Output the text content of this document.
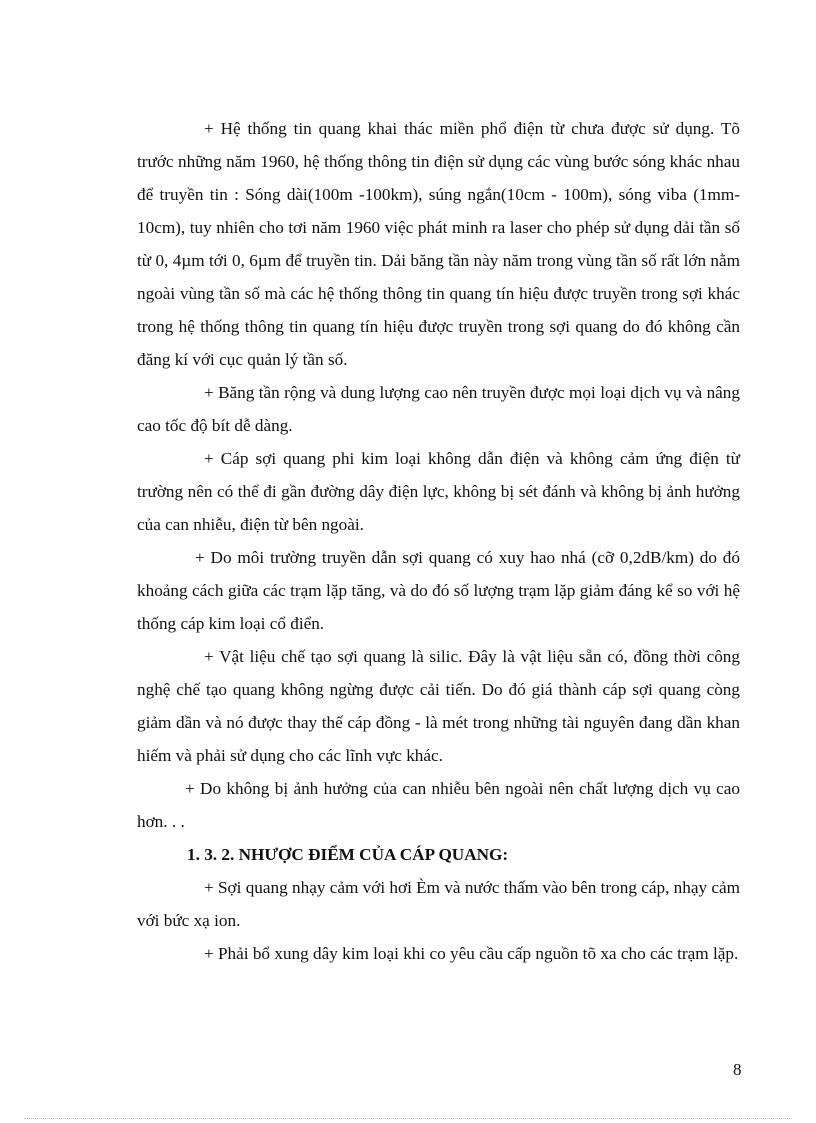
+ Hệ thống tin quang khai thác miền phổ điện từ chưa được sử dụng. Tõ trước những năm 1960, hệ thống thông tin điện sử dụng các vùng bước sóng khác nhau để truyền tin : Sóng dài(100m -100km), súng ngắn(10cm - 100m), sóng viba (1mm-10cm), tuy nhiên cho tơi năm 1960 việc phát minh ra laser cho phép sử dụng dải tần số từ 0, 4µm tới 0, 6µm để truyền tin. Dải băng tần này năm trong vùng tần số rất lớn nằm ngoài vùng tần số mà các hệ thống thông tin quang tín hiệu được truyền trong sợi khác trong hệ thống thông tin quang tín hiệu được truyền trong sợi quang do đó không cần đăng kí với cục quản lý tần số.

+ Băng tần rộng và dung lượng cao nên truyền được mọi loại dịch vụ và nâng cao tốc độ bít dễ dàng.

+ Cáp sợi quang phi kim loại không dẫn điện và không cảm ứng điện từ trường nên có thể đi gần đường dây điện lực, không bị sét đánh và không bị ảnh hưởng của can nhiễu, điện từ bên ngoài.

+ Do môi trường truyền dẫn sợi quang có xuy hao nhá (cỡ 0,2dB/km) do đó khoảng cách giữa các trạm lặp tăng, và do đó số lượng trạm lặp giảm đáng kể so với hệ thống cáp kim loại cổ điển.

+ Vật liệu chế tạo sợi quang là silic. Đây là vật liệu sẵn có, đồng thời công nghệ chế tạo quang không ngừng được cải tiến. Do đó giá thành cáp sợi quang còng giảm dần và nó được thay thế cáp đồng - là mét trong những tài nguyên đang dần khan hiếm và phải sử dụng cho các lĩnh vực khác.

+ Do không bị ảnh hưởng của can nhiễu bên ngoài nên chất lượng dịch vụ cao hơn. . .

1. 3. 2. NHƯỢC ĐIỂM CỦA CÁP QUANG:

+ Sợi quang nhạy cảm với hơi Èm và nước thấm vào bên trong cáp, nhạy cảm với bức xạ ion.

+ Phải bổ xung dây kim loại khi co yêu cầu cấp nguồn tõ xa cho các trạm lặp.

8
